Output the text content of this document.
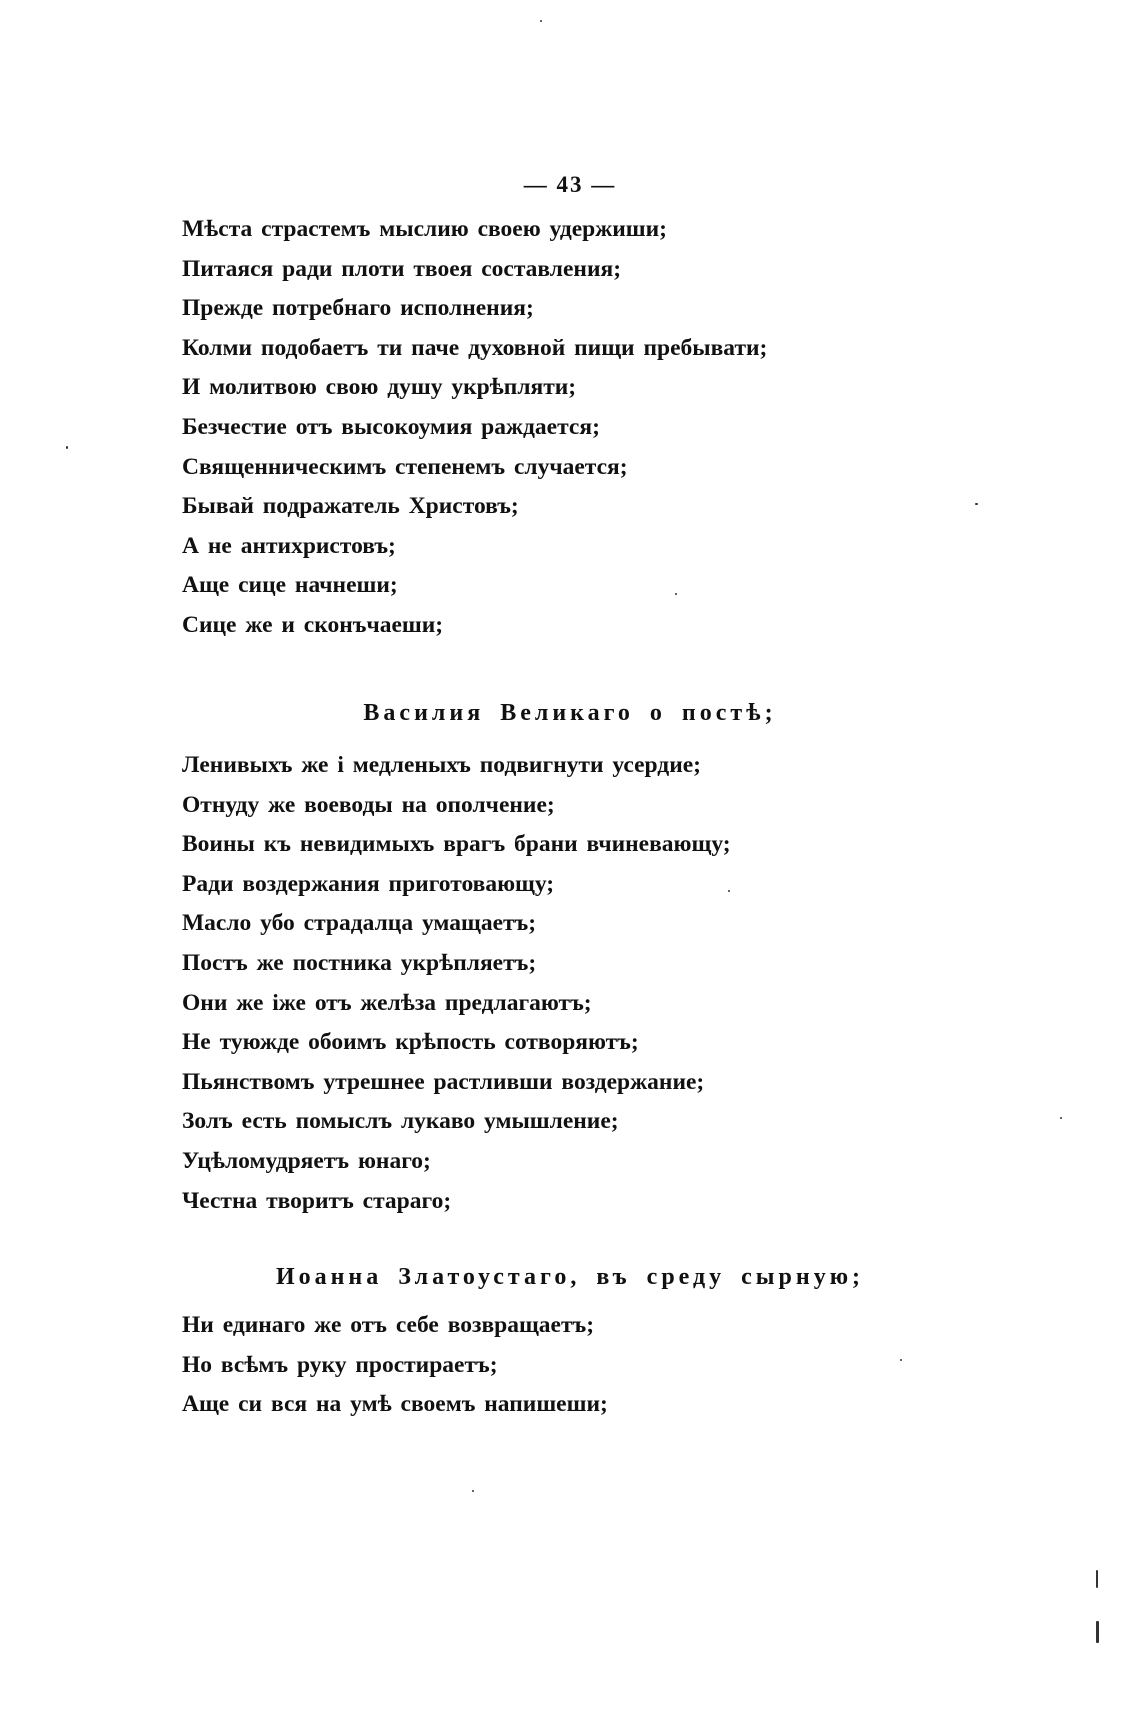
— 43 —
Мѣста страстемъ мыслию своею удержиши;
Питаяся ради плоти твоея составления;
Прежде потребнаго исполнения;
Колми подобаетъ ти паче духовной пищи пребывати;
И молитвою свою душу укрѣпляти;
Безчестие отъ высокоумия раждается;
Священническимъ степенемъ случается;
Бывай подражатель Христовъ;
А не антихристовъ;
Аще сице начнеши;
Сице же и сконъчаеши;
Василия Великаго о постѣ;
Ленивыхъ же і медленыхъ подвигнути усердие;
Отнуду же воеводы на ополчение;
Воины къ невидимыхъ врагъ брани вчиневающу;
Ради воздержания приготовающу;
Масло убо страдалца умащаетъ;
Постъ же постника укрѣпляетъ;
Они же іже отъ желѣза предлагаютъ;
Не туюжде обоимъ крѣпость сотворяютъ;
Пьянствомъ утрешнее растливши воздержание;
Золъ есть помыслъ лукаво умышление;
Уцѣломудряетъ юнаго;
Честна творитъ стараго;
Иоанна Златоустаго, въ среду сырную;
Ни единаго же отъ себе возвращаетъ;
Но всѣмъ руку простираетъ;
Аще си вся на умѣ своемъ напишеши;
